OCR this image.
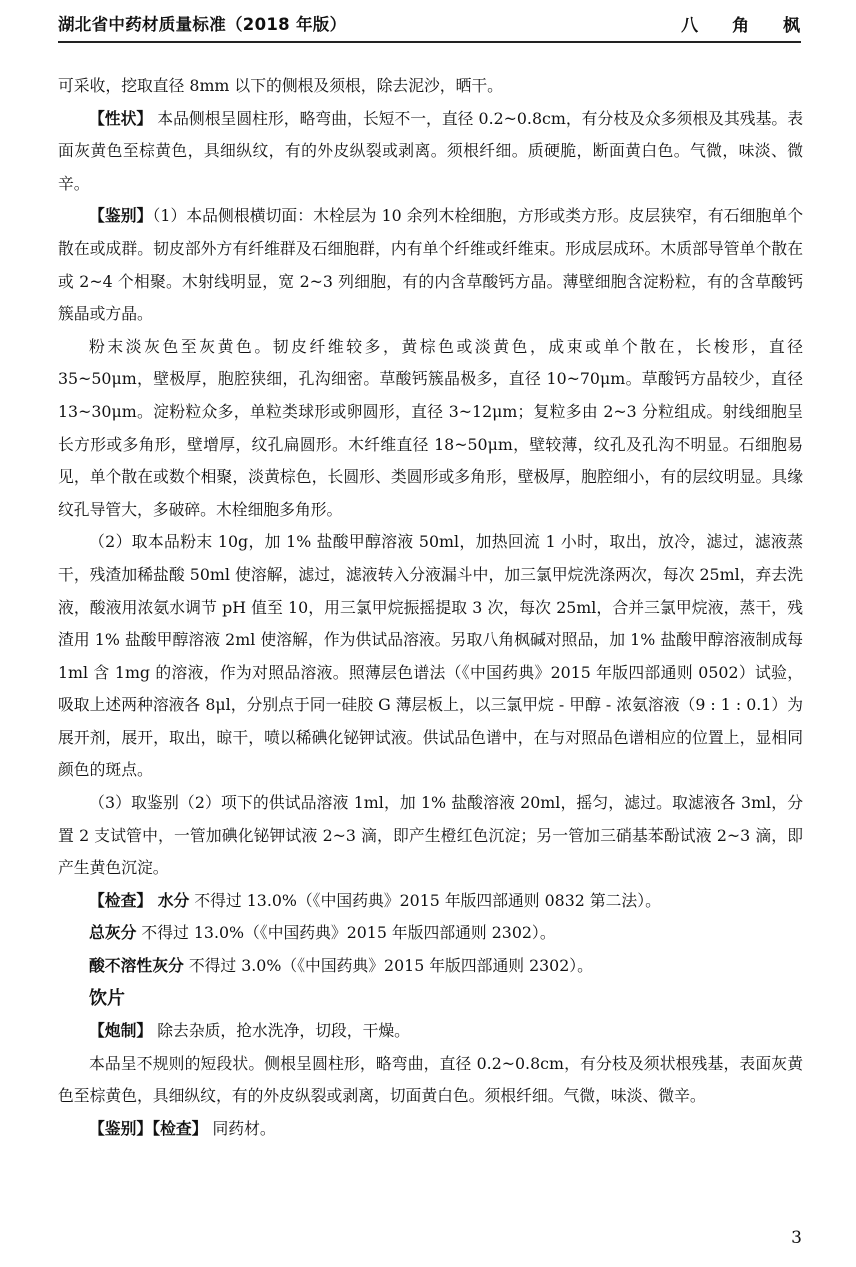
湖北省中药材质量标准（2018 年版）	八 角 枫

可采收，挖取直径 8mm 以下的侧根及须根，除去泥沙，晒干。

【性状】 本品侧根呈圆柱形，略弯曲，长短不一，直径 0.2~0.8cm，有分枝及众多须根及其残基。表面灰黄色至棕黄色，具细纵纹，有的外皮纵裂或剥离。须根纤细。质硬脆，断面黄白色。气微，味淡、微辛。

【鉴别】（1）本品侧根横切面：木栓层为 10 余列木栓细胞，方形或类方形。皮层狭窄，有石细胞单个散在或成群。韧皮部外方有纤维群及石细胞群，内有单个纤维或纤维束。形成层成环。木质部导管单个散在或 2~4 个相聚。木射线明显，宽 2~3 列细胞，有的内含草酸钙方晶。薄壁细胞含淀粉粒，有的含草酸钙簇晶或方晶。

粉末淡灰色至灰黄色。韧皮纤维较多，黄棕色或淡黄色，成束或单个散在，长梭形，直径 35~50μm，壁极厚，胞腔狭细，孔沟细密。草酸钙簇晶极多，直径 10~70μm。草酸钙方晶较少，直径 13~30μm。淀粉粒众多，单粒类球形或卵圆形，直径 3~12μm；复粒多由 2~3 分粒组成。射线细胞呈长方形或多角形，壁增厚，纹孔扁圆形。木纤维直径 18~50μm，壁较薄，纹孔及孔沟不明显。石细胞易见，单个散在或数个相聚，淡黄棕色，长圆形、类圆形或多角形，壁极厚，胞腔细小，有的层纹明显。具缘纹孔导管大，多破碎。木栓细胞多角形。

（2）取本品粉末 10g，加 1% 盐酸甲醇溶液 50ml，加热回流 1 小时，取出，放冷，滤过，滤液蒸干，残渣加稀盐酸 50ml 使溶解，滤过，滤液转入分液漏斗中，加三氯甲烷洗涤两次，每次 25ml，弃去洗液，酸液用浓氨水调节 pH 值至 10，用三氯甲烷振摇提取 3 次，每次 25ml，合并三氯甲烷液，蒸干，残渣用 1% 盐酸甲醇溶液 2ml 使溶解，作为供试品溶液。另取八角枫碱对照品，加 1% 盐酸甲醇溶液制成每 1ml 含 1mg 的溶液，作为对照品溶液。照薄层色谱法（《中国药典》2015 年版四部通则 0502）试验，吸取上述两种溶液各 8μl，分别点于同一硅胶 G 薄层板上，以三氯甲烷 - 甲醇 - 浓氨溶液（9 : 1 : 0.1）为展开剂，展开，取出，晾干，喷以稀碘化铋钾试液。供试品色谱中，在与对照品色谱相应的位置上，显相同颜色的斑点。

（3）取鉴别（2）项下的供试品溶液 1ml，加 1% 盐酸溶液 20ml，摇匀，滤过。取滤液各 3ml，分置 2 支试管中，一管加碘化铋钾试液 2~3 滴，即产生橙红色沉淀；另一管加三硝基苯酚试液 2~3 滴，即产生黄色沉淀。

【检查】 水分 不得过 13.0%（《中国药典》2015 年版四部通则 0832 第二法）。

总灰分 不得过 13.0%（《中国药典》2015 年版四部通则 2302）。

酸不溶性灰分 不得过 3.0%（《中国药典》2015 年版四部通则 2302）。

饮片

【炮制】 除去杂质，抢水洗净，切段，干燥。

本品呈不规则的短段状。侧根呈圆柱形，略弯曲，直径 0.2~0.8cm，有分枝及须状根残基，表面灰黄色至棕黄色，具细纵纹，有的外皮纵裂或剥离，切面黄白色。须根纤细。气微，味淡、微辛。

【鉴别】【检查】 同药材。

3
